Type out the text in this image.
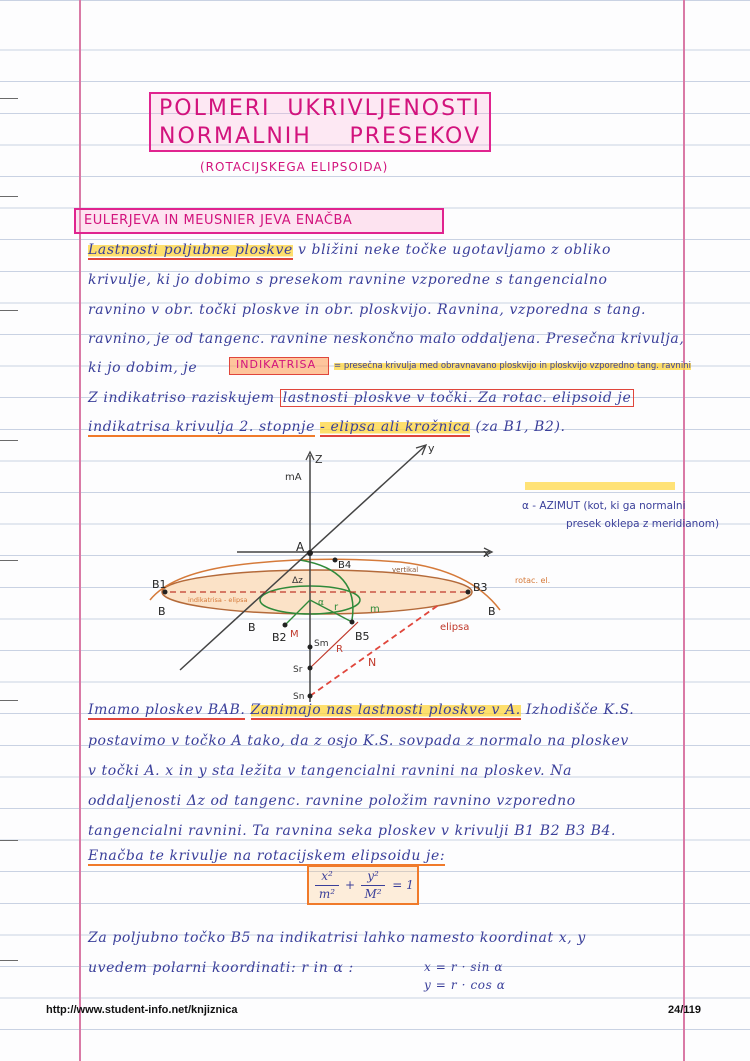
POLMERI UKRIVLJENOSTI
NORMALNIH PRESEKOV
(ROTACIJSKEGA ELIPSOIDA)
EULERJEVA IN MEUSNIER JEVA ENAČBA
Lastnosti poljubne ploskve v bližini neke točke ugotavljamo z obliko
krivulje, ki jo dobimo s presekom ravnine vzporedne s tangencialno
ravnino v obr. točki ploskve in obr. ploskvijo. Ravnina, vzporedna s tang.
ravnino, je od tangenc. ravnine neskončno malo oddaljena. Presečna krivulja,
ki jo dobim, je	INDIKATRISA = presečna krivulja med obravnavano ploskvijo in ploskvijo vzporedno tang. ravnini
Z indikatriso raziskujem lastnosti ploskve v točki. Za rotac. elipsoid je
indikatrisa krivulja 2. stopnje - elipsa ali krožnica (za B1, B2).
α - AZIMUT (kot, ki ga normalni
presek oklepa z meridianom)
Z
mA
y
x
A
B1
B2
B3
B4
B5
B
B
B
Δz
m
r
M
R
N
Sm
Sr
Sn
α
elipsa
rotac. el.
vertikal
indikatrisa - elipsa
Imamo ploskev BAB. Zanimajo nas lastnosti ploskve v A. Izhodišče K.S.
postavimo v točko A tako, da z osjo K.S. sovpada z normalo na ploskev
v točki A. x in y sta ležita v tangencialni ravnini na ploskev. Na
oddaljenosti Δz od tangenc. ravnine položim ravnino vzporedno
tangencialni ravnini. Ta ravnina seka ploskev v krivulji B1 B2 B3 B4.
Enačba te krivulje na rotacijskem elipsoidu je:
x²
m²
+
y²
M²
= 1
Za poljubno točko B5 na indikatrisi lahko namesto koordinat x, y
uvedem polarni koordinati: r in α :	x = r · sin α
y = r · cos α
http://www.student-info.net/knjiznica	24/119
